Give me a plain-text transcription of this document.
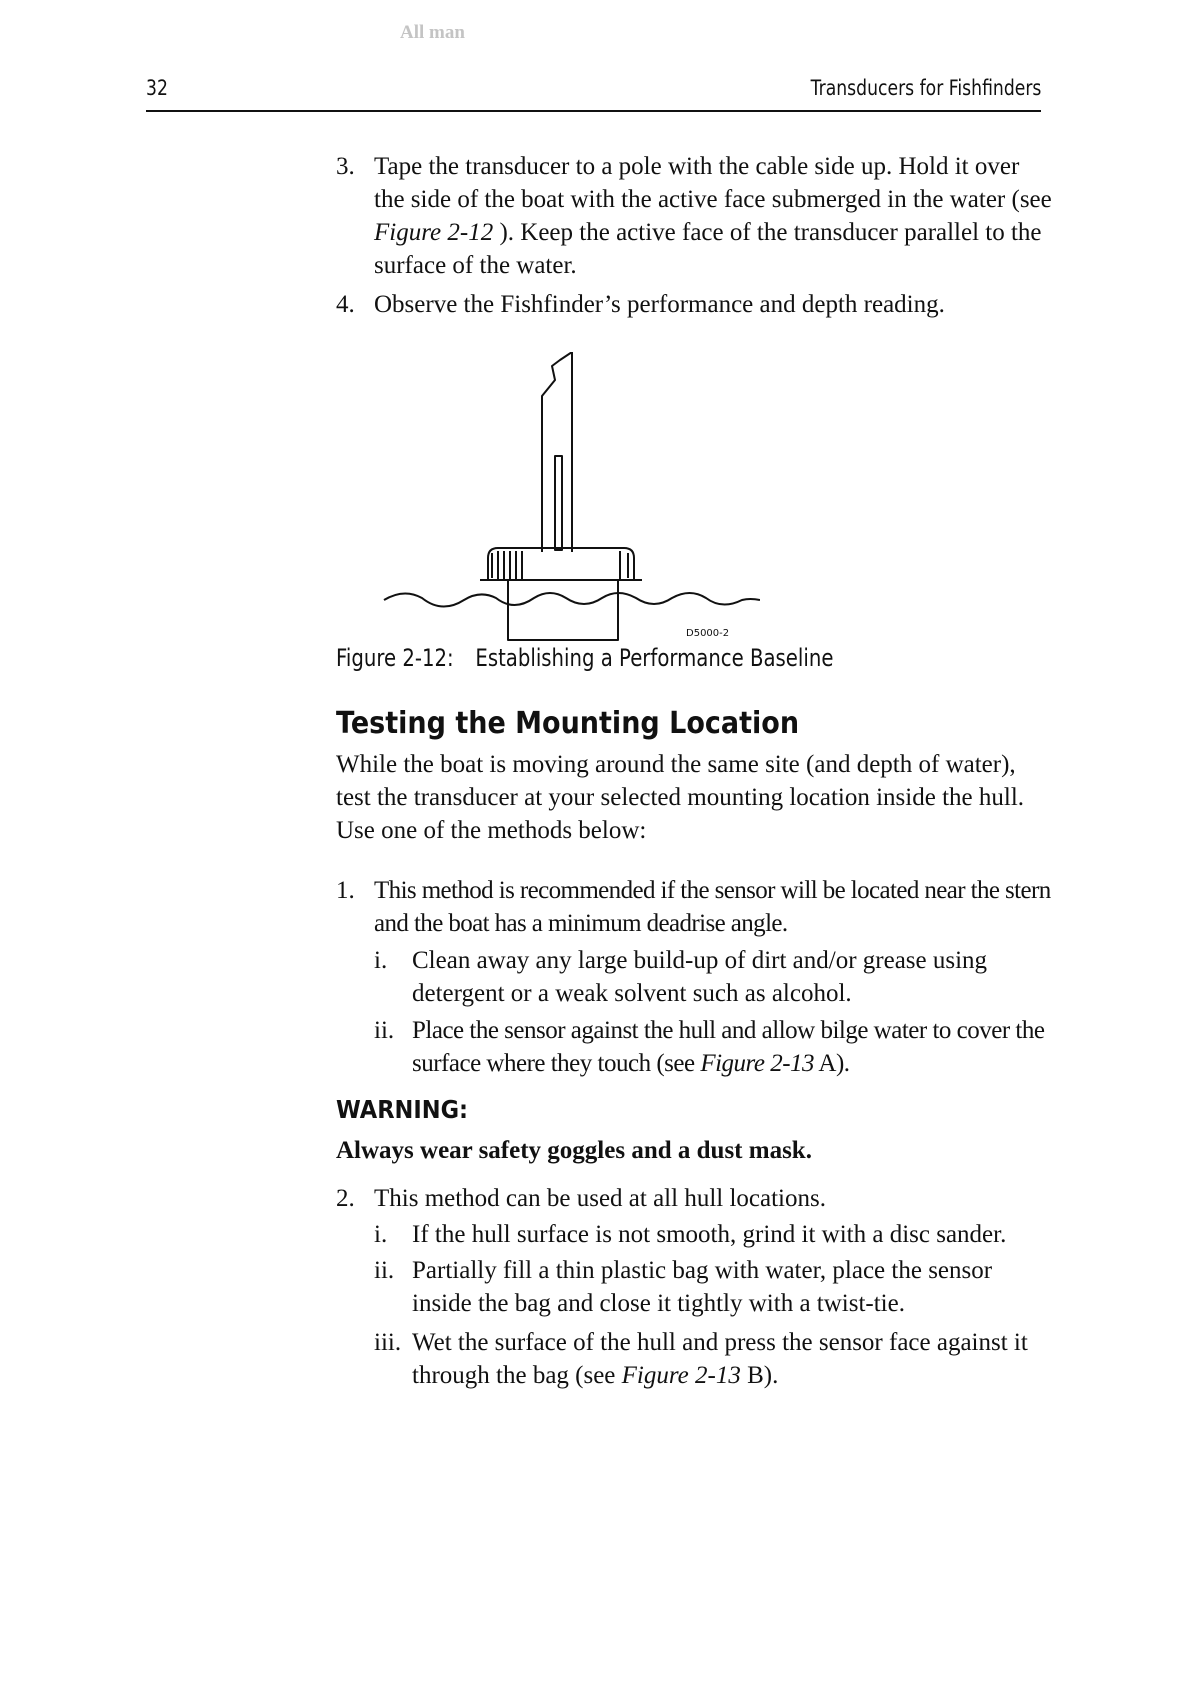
All man
32	Transducers for Fishfinders
3. Tape the transducer to a pole with the cable side up. Hold it over the side of the boat with the active face submerged in the water (see Figure 2-12 ). Keep the active face of the transducer parallel to the surface of the water.
4. Observe the Fishfinder’s performance and depth reading.
D5000-2
Figure 2-12: Establishing a Performance Baseline
Testing the Mounting Location
While the boat is moving around the same site (and depth of water), test the transducer at your selected mounting location inside the hull. Use one of the methods below:
1. This method is recommended if the sensor will be located near the stern and the boat has a minimum deadrise angle.
i. Clean away any large build-up of dirt and/or grease using detergent or a weak solvent such as alcohol.
ii. Place the sensor against the hull and allow bilge water to cover the surface where they touch (see Figure 2-13 A).
WARNING:
Always wear safety goggles and a dust mask.
2. This method can be used at all hull locations.
i. If the hull surface is not smooth, grind it with a disc sander.
ii. Partially fill a thin plastic bag with water, place the sensor inside the bag and close it tightly with a twist-tie.
iii. Wet the surface of the hull and press the sensor face against it through the bag (see Figure 2-13 B).
